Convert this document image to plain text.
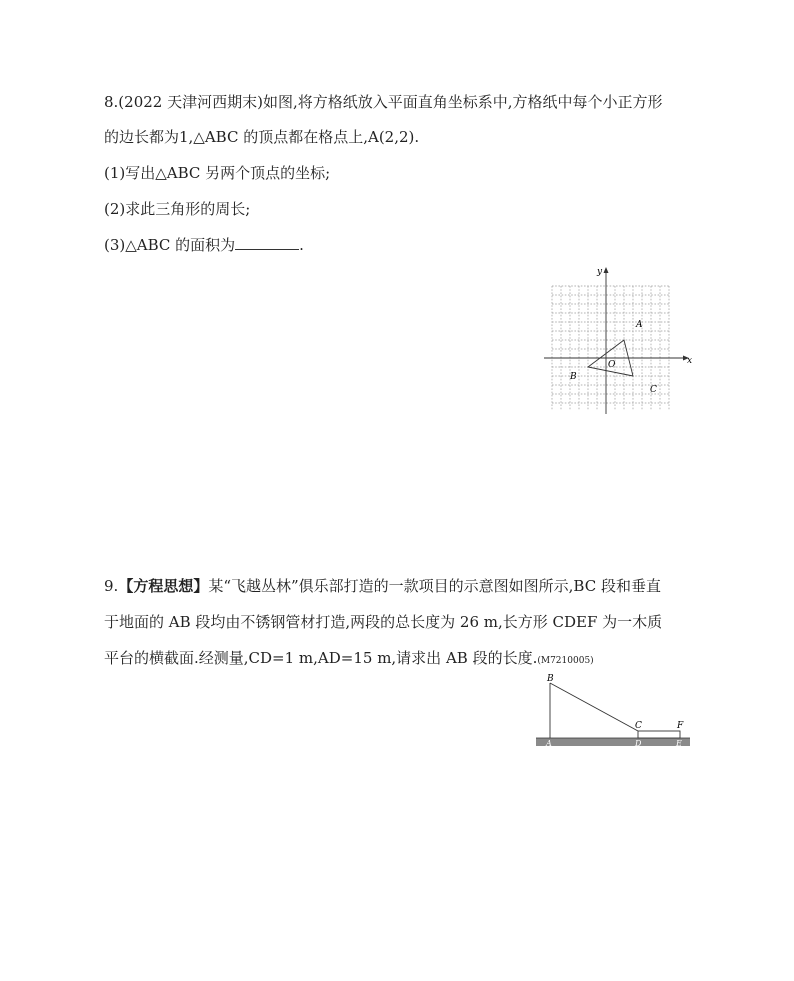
8.(2022 天津河西期末)如图,将方格纸放入平面直角坐标系中,方格纸中每个小正方形
的边长都为1,△ABC 的顶点都在格点上,A(2,2).
(1)写出△ABC 另两个顶点的坐标;
(2)求此三角形的周长;
(3)△ABC 的面积为	.
x
y
O
A
B
C
9.【方程思想】某“飞越丛林”俱乐部打造的一款项目的示意图如图所示,BC 段和垂直
于地面的 AB 段均由不锈钢管材打造,两段的总长度为 26 m,长方形 CDEF 为一木质
平台的横截面.经测量,CD=1 m,AD=15 m,请求出 AB 段的长度.(M7210005)
B
C	F
A	D	E
